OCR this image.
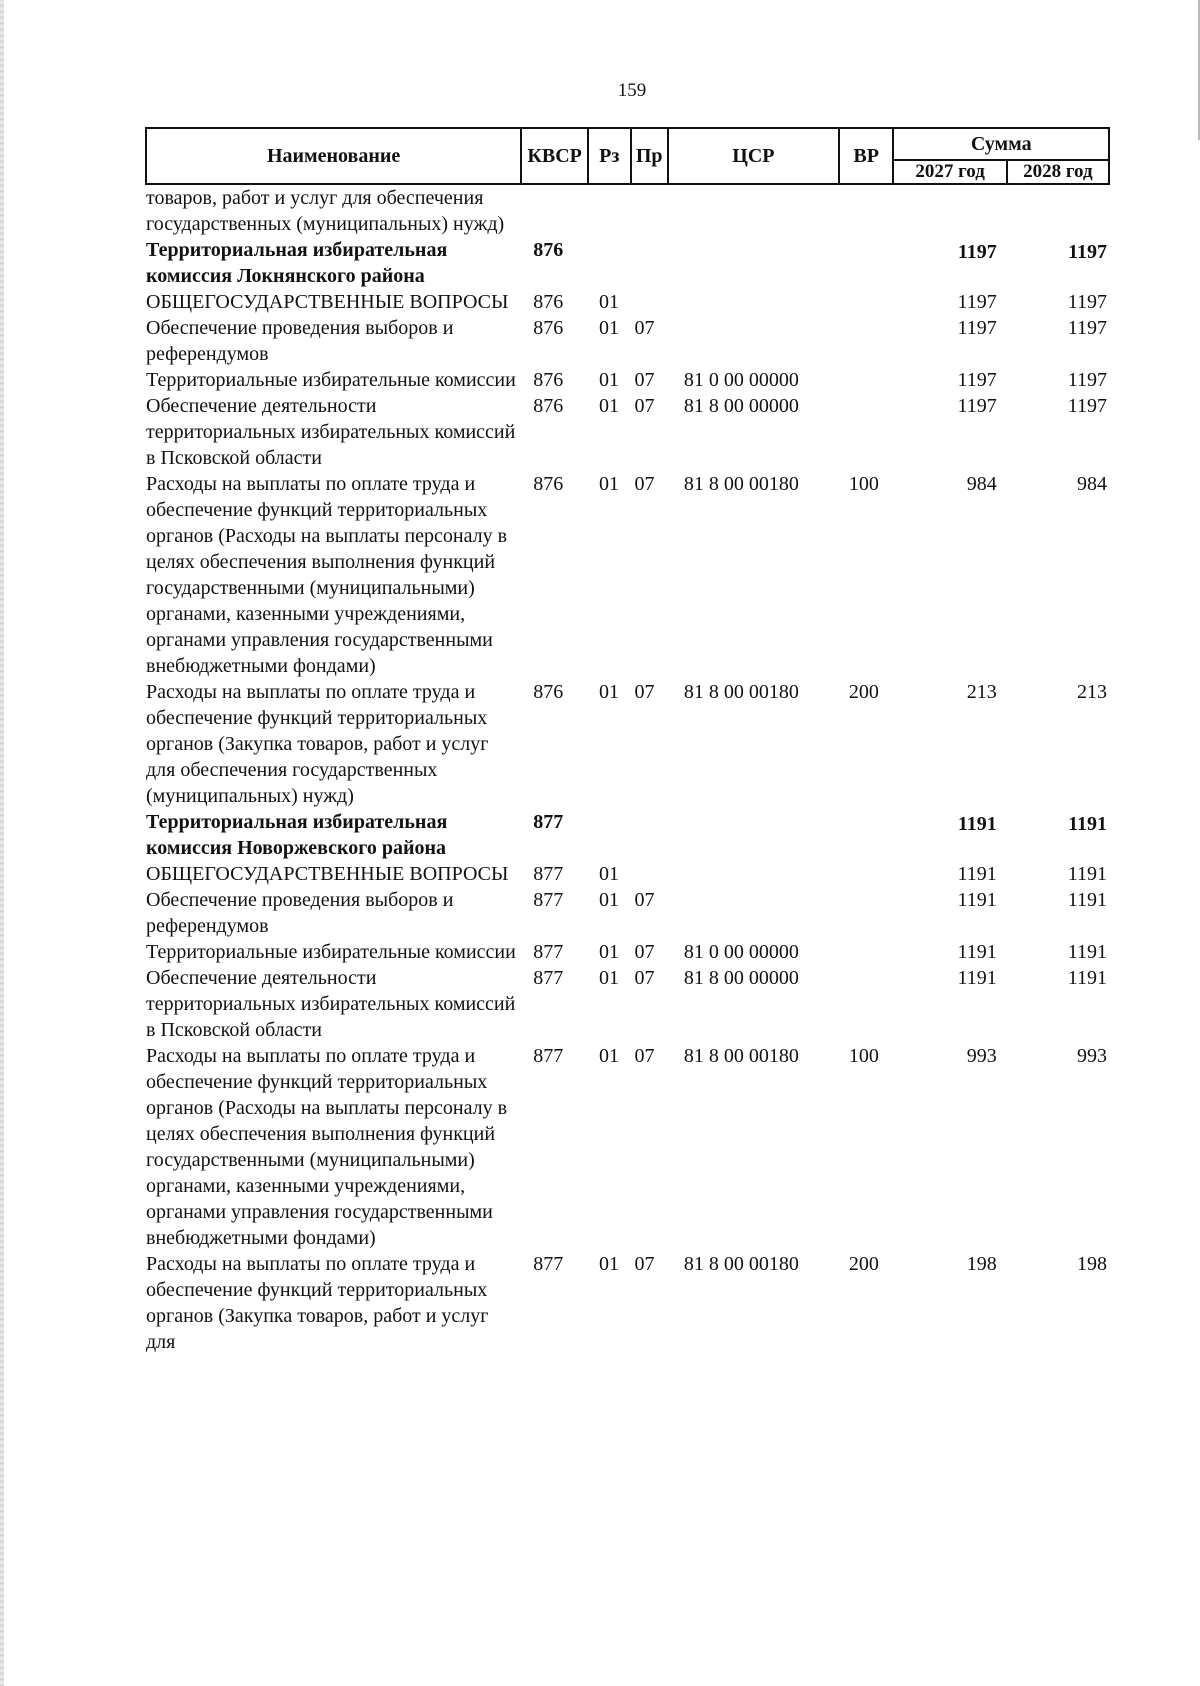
159
Наименование	КВСР	Рз	Пр	ЦСР	ВР	Сумма	
						2027 год	2028 год
товаров, работ и услуг для обеспечения государственных (муниципальных) нужд)							
Территориальная избирательная комиссия Локнянского района	876					1197	1197
ОБЩЕГОСУДАРСТВЕННЫЕ ВОПРОСЫ	876	01				1197	1197
Обеспечение проведения выборов и референдумов	876	01	07			1197	1197
Территориальные избирательные комиссии	876	01	07	81 0 00 00000		1197	1197
Обеспечение деятельности территориальных избирательных комиссий в Псковской области	876	01	07	81 8 00 00000		1197	1197
Расходы на выплаты по оплате труда и обеспечение функций территориальных органов (Расходы на выплаты персоналу в целях обеспечения выполнения функций государственными (муниципальными) органами, казенными учреждениями, органами управления государственными внебюджетными фондами)	876	01	07	81 8 00 00180	100	984	984
Расходы на выплаты по оплате труда и обеспечение функций территориальных органов (Закупка товаров, работ и услуг для обеспечения государственных (муниципальных) нужд)	876	01	07	81 8 00 00180	200	213	213
Территориальная избирательная комиссия Новоржевского района	877					1191	1191
ОБЩЕГОСУДАРСТВЕННЫЕ ВОПРОСЫ	877	01				1191	1191
Обеспечение проведения выборов и референдумов	877	01	07			1191	1191
Территориальные избирательные комиссии	877	01	07	81 0 00 00000		1191	1191
Обеспечение деятельности территориальных избирательных комиссий в Псковской области	877	01	07	81 8 00 00000		1191	1191
Расходы на выплаты по оплате труда и обеспечение функций территориальных органов (Расходы на выплаты персоналу в целях обеспечения выполнения функций государственными (муниципальными) органами, казенными учреждениями, органами управления государственными внебюджетными фондами)	877	01	07	81 8 00 00180	100	993	993
Расходы на выплаты по оплате труда и обеспечение функций территориальных органов (Закупка товаров, работ и услуг для	877	01	07	81 8 00 00180	200	198	198
